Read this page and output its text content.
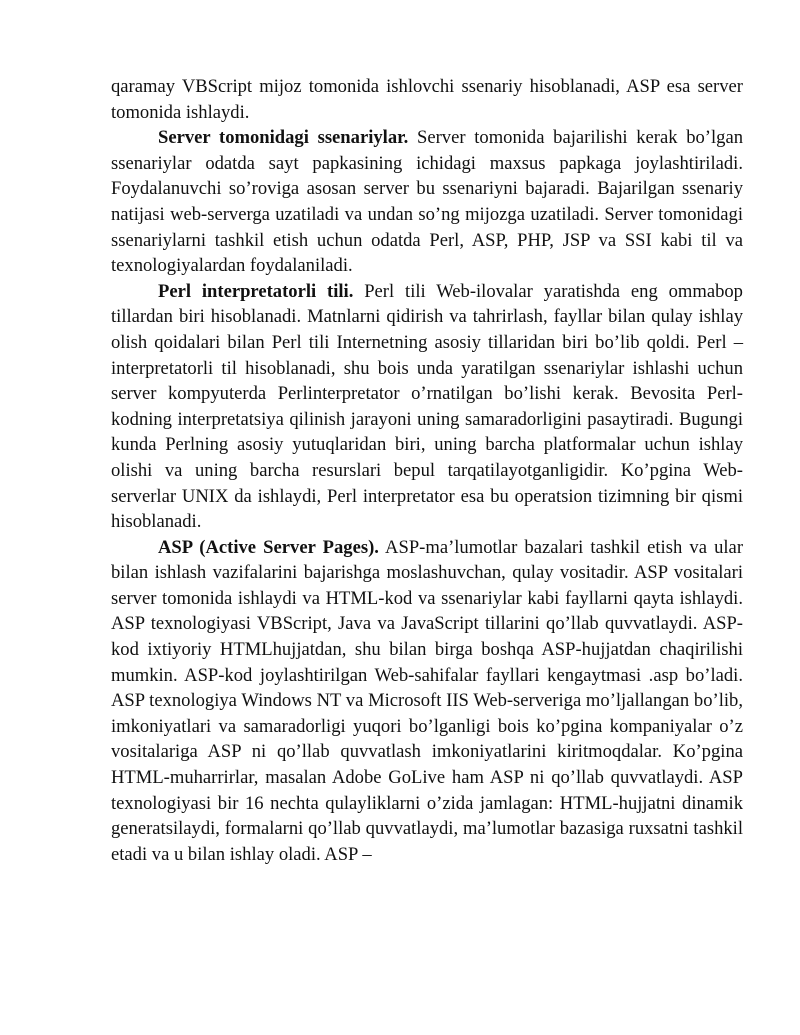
qaramay VBScript mijoz tomonida ishlovchi ssenariy hisoblanadi, ASP esa server tomonida ishlaydi.

Server tomonidagi ssenariylar. Server tomonida bajarilishi kerak bo’lgan ssenariylar odatda sayt papkasining ichidagi maxsus papkaga joylashtiriladi. Foydalanuvchi so’roviga asosan server bu ssenariyni bajaradi. Bajarilgan ssenariy natijasi web-serverga uzatiladi va undan so’ng mijozga uzatiladi. Server tomonidagi ssenariylarni tashkil etish uchun odatda Perl, ASP, PHP, JSP va SSI kabi til va texnologiyalardan foydalaniladi.

Perl interpretatorli tili. Perl tili Web-ilovalar yaratishda eng ommabop tillardan biri hisoblanadi. Matnlarni qidirish va tahrirlash, fayllar bilan qulay ishlay olish qoidalari bilan Perl tili Internetning asosiy tillaridan biri bo’lib qoldi. Perl – interpretatorli til hisoblanadi, shu bois unda yaratilgan ssenariylar ishlashi uchun server kompyuterda Perlinterpretator o’rnatilgan bo’lishi kerak. Bevosita Perl-kodning interpretatsiya qilinish jarayoni uning samaradorligini pasaytiradi. Bugungi kunda Perlning asosiy yutuqlaridan biri, uning barcha platformalar uchun ishlay olishi va uning barcha resurslari bepul tarqatilayotganligidir. Ko’pgina Web-serverlar UNIX da ishlaydi, Perl interpretator esa bu operatsion tizimning bir qismi hisoblanadi.

ASP (Active Server Pages). ASP-ma’lumotlar bazalari tashkil etish va ular bilan ishlash vazifalarini bajarishga moslashuvchan, qulay vositadir. ASP vositalari server tomonida ishlaydi va HTML-kod va ssenariylar kabi fayllarni qayta ishlaydi. ASP texnologiyasi VBScript, Java va JavaScript tillarini qo’llab quvvatlaydi. ASP-kod ixtiyoriy HTMLhujjatdan, shu bilan birga boshqa ASP-hujjatdan chaqirilishi mumkin. ASP-kod joylashtirilgan Web-sahifalar fayllari kengaytmasi .asp bo’ladi. ASP texnologiya Windows NT va Microsoft IIS Web-serveriga mo’ljallangan bo’lib, imkoniyatlari va samaradorligi yuqori bo’lganligi bois ko’pgina kompaniyalar o’z vositalariga ASP ni qo’llab quvvatlash imkoniyatlarini kiritmoqdalar. Ko’pgina HTML-muharrirlar, masalan Adobe GoLive ham ASP ni qo’llab quvvatlaydi. ASP texnologiyasi bir 16 nechta qulayliklarni o’zida jamlagan: HTML-hujjatni dinamik generatsilaydi, formalarni qo’llab quvvatlaydi, ma’lumotlar bazasiga ruxsatni tashkil etadi va u bilan ishlay oladi. ASP –
